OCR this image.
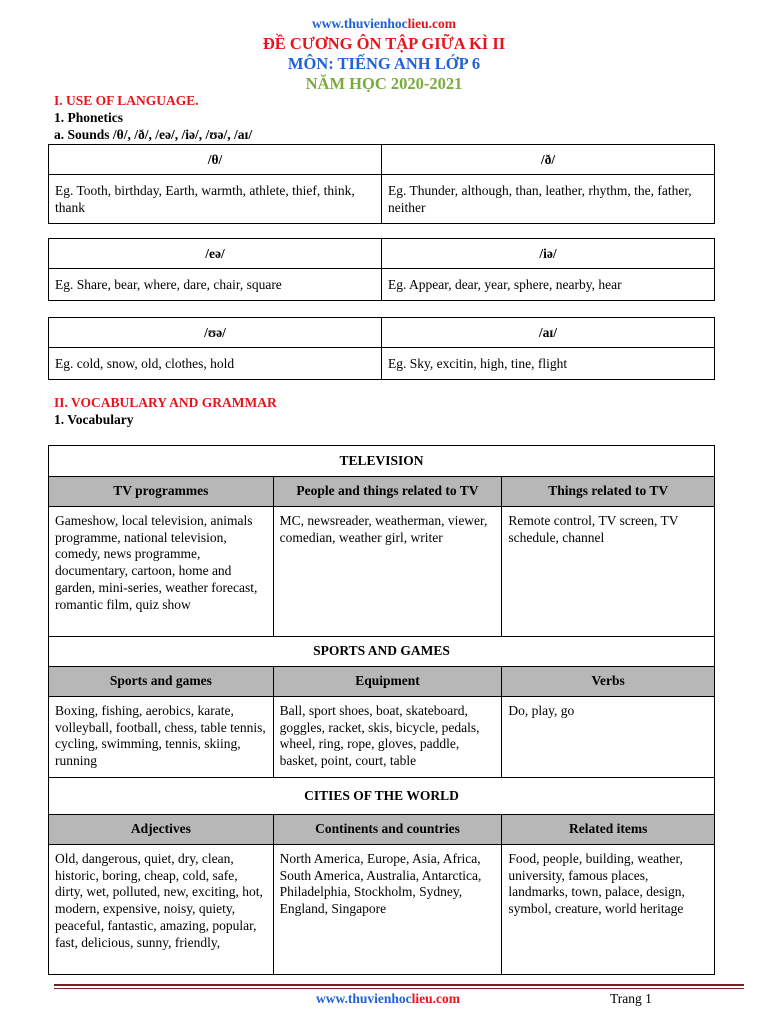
www.thuvienhoclieu.com
ĐỀ CƯƠNG ÔN TẬP GIỮA KÌ II
MÔN: TIẾNG ANH LỚP 6
NĂM HỌC 2020-2021
I. USE OF LANGUAGE.
1. Phonetics
a. Sounds /θ/, /ð/, /eə/, /iə/, /ʊə/, /aɪ/
/θ/	/ð/
Eg. Tooth, birthday, Earth, warmth, athlete, thief, think, thank	Eg. Thunder, although, than, leather, rhythm, the, father, neither
/eə/	/iə/
Eg. Share, bear, where, dare, chair, square	Eg. Appear, dear, year, sphere, nearby, hear
/ʊə/	/aɪ/
Eg. cold, snow, old, clothes, hold	Eg. Sky, excitin, high, tine, flight
II. VOCABULARY AND GRAMMAR
1. Vocabulary
TELEVISION		
TV programmes	People and things related to TV	Things related to TV
Gameshow, local television, animals programme, national television, comedy, news programme, documentary, cartoon, home and garden, mini-series, weather forecast, romantic film, quiz show	MC, newsreader, weatherman, viewer, comedian, weather girl, writer	Remote control, TV screen, TV schedule, channel
SPORTS AND GAMES		
Sports and games	Equipment	Verbs
Boxing, fishing, aerobics, karate, volleyball, football, chess, table tennis, cycling, swimming, tennis, skiing, running	Ball, sport shoes, boat, skateboard, goggles, racket, skis, bicycle, pedals, wheel, ring, rope, gloves, paddle, basket, point, court, table	Do, play, go
CITIES OF THE WORLD		
Adjectives	Continents and countries	Related items
Old, dangerous, quiet, dry, clean, historic, boring, cheap, cold, safe, dirty, wet, polluted, new, exciting, hot, modern, expensive, noisy, quiety, peaceful, fantastic, amazing, popular, fast, delicious, sunny, friendly,	North America, Europe, Asia, Africa, South America, Australia, Antarctica, Philadelphia, Stockholm, Sydney, England, Singapore	Food, people, building, weather, university, famous places, landmarks, town, palace, design, symbol, creature, world heritage
www.thuvienhoclieu.com	Trang 1
